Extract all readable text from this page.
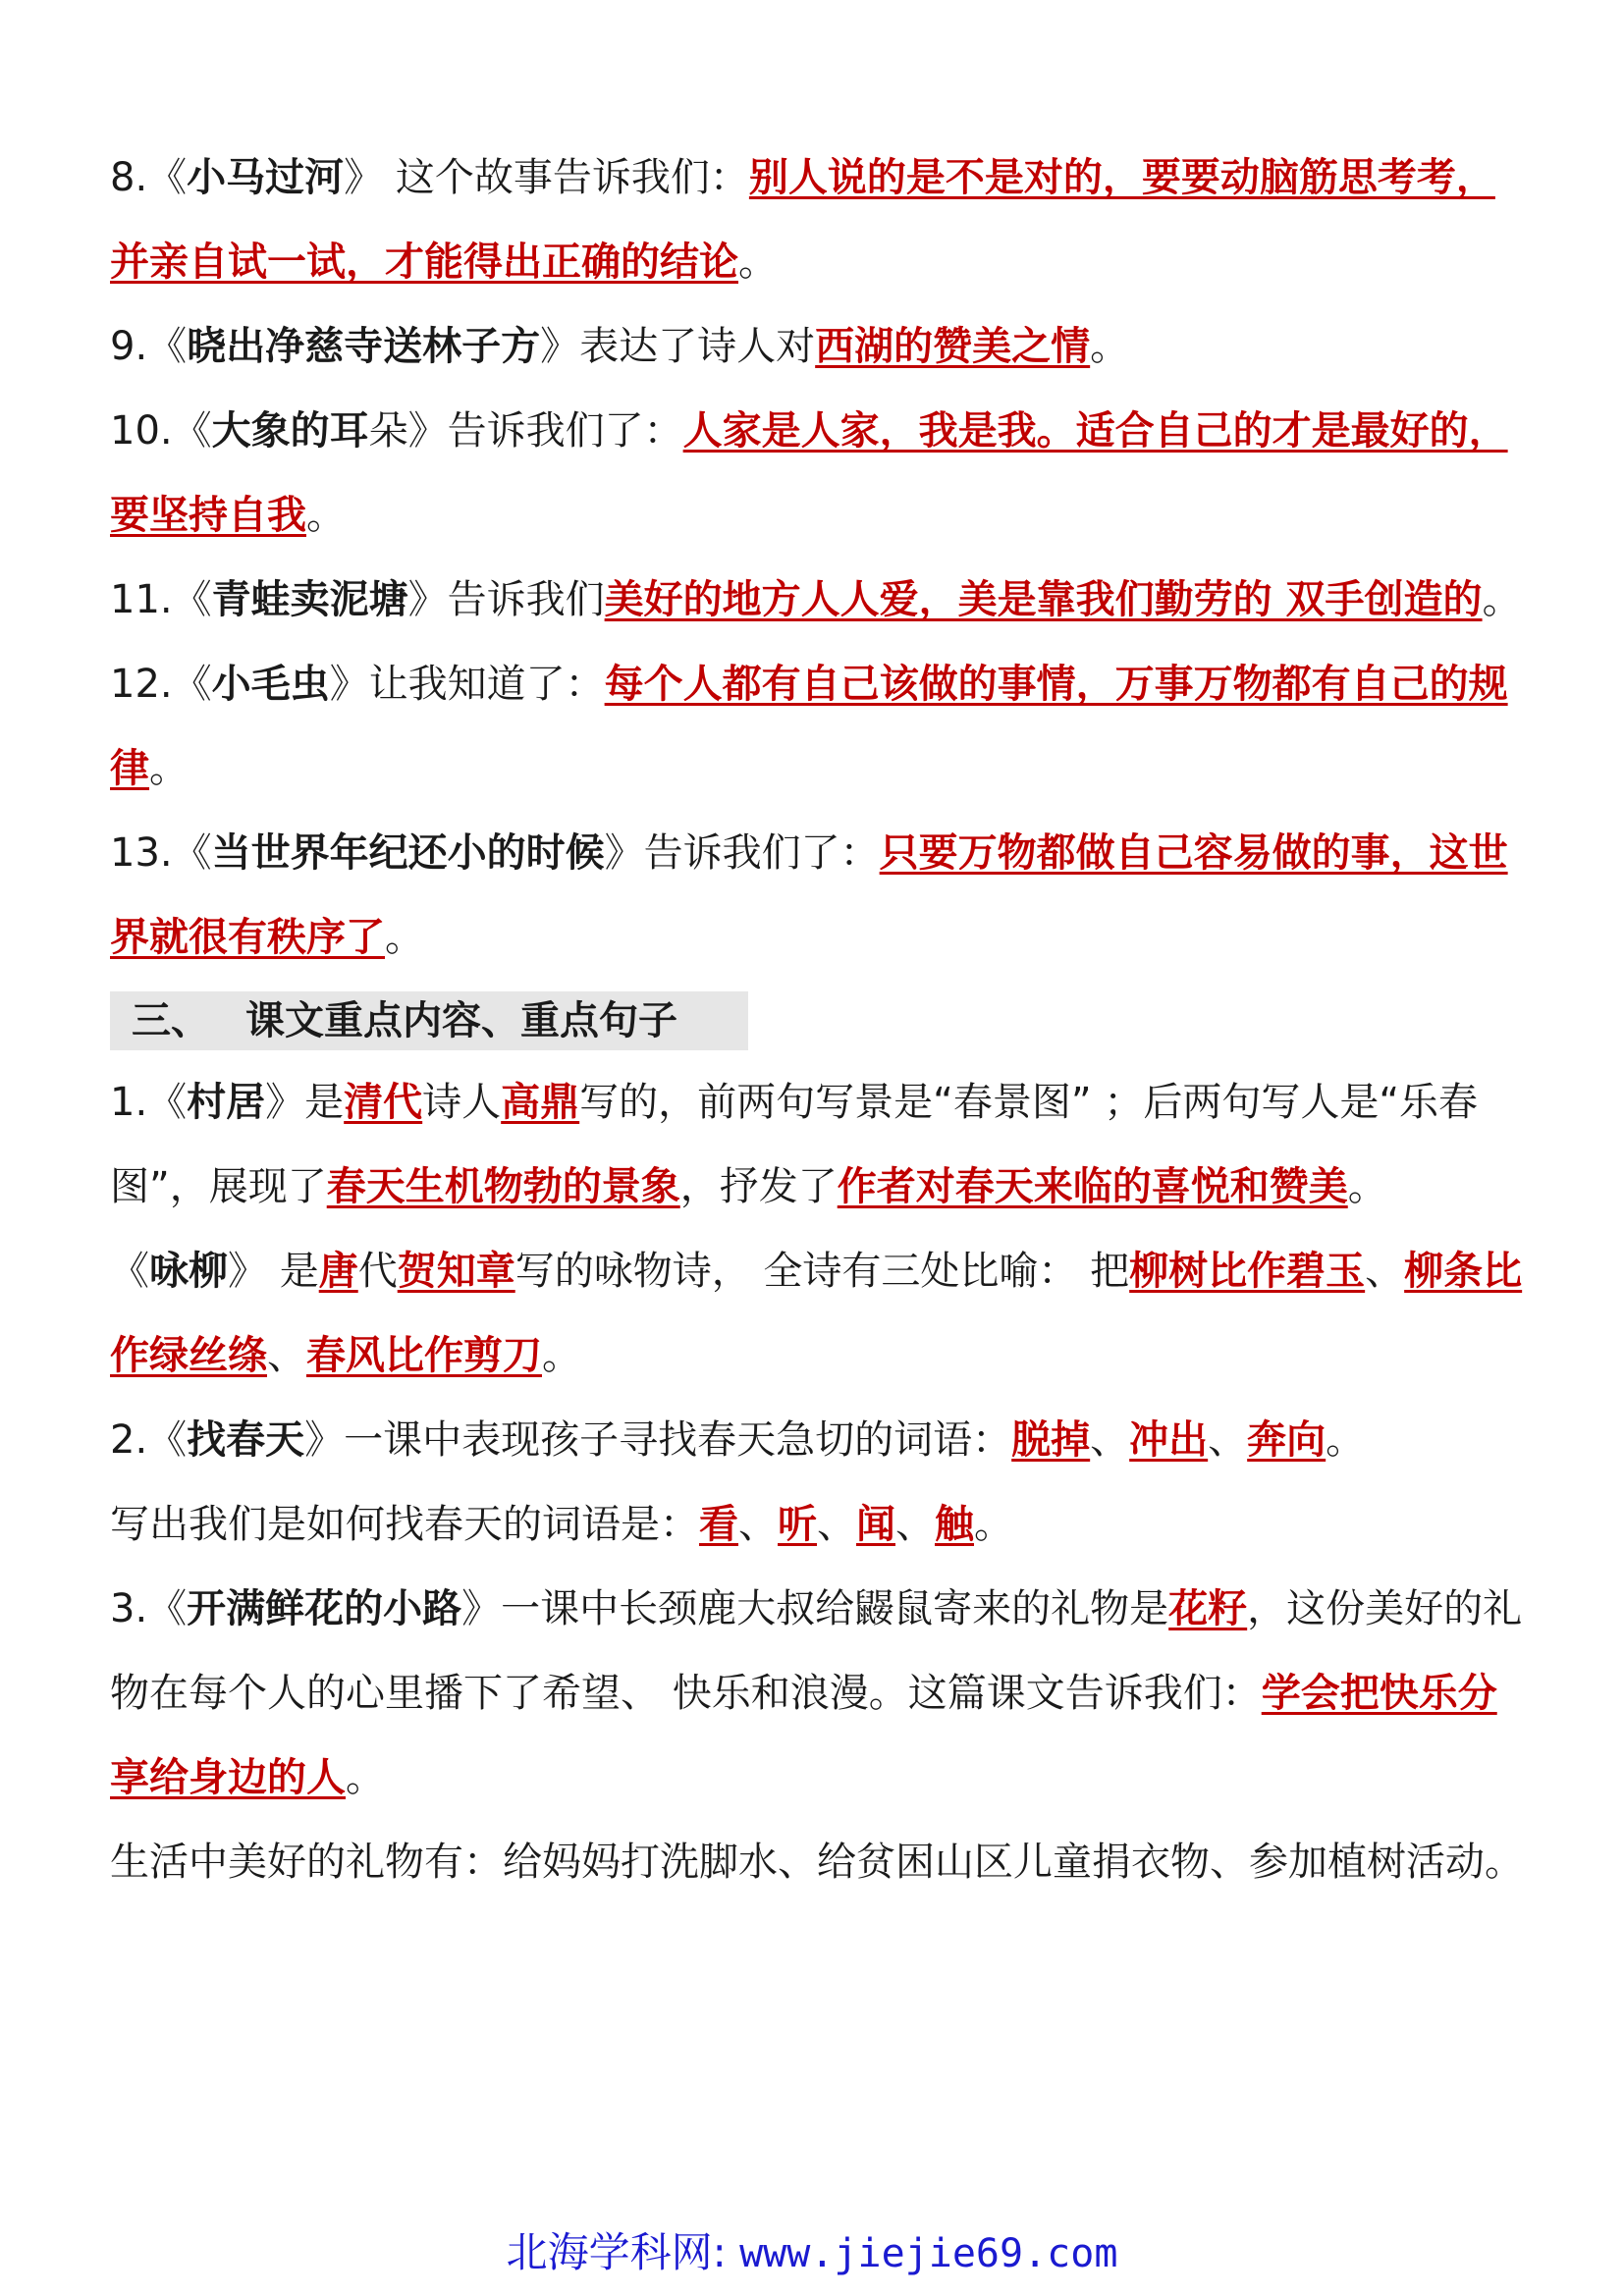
8.《小马过河》 这个故事告诉我们：别人说的是不是对的，要要动脑筋思考考，并亲自试一试，才能得出正确的结论。

9.《晓出净慈寺送林子方》表达了诗人对西湖的赞美之情。

10.《大象的耳朵》告诉我们了：人家是人家，我是我。适合自己的才是最好的，要坚持自我。

11.《青蛙卖泥塘》告诉我们美好的地方人人爱，美是靠我们勤劳的 双手创造的。

12.《小毛虫》让我知道了：每个人都有自己该做的事情，万事万物都有自己的规律。

13.《当世界年纪还小的时候》告诉我们了：只要万物都做自己容易做的事，这世界就很有秩序了。

三、 课文重点内容、重点句子

1.《村居》是清代诗人高鼎写的，前两句写景是“春景图” ；后两句写人是“乐春图”，展现了春天生机物勃的景象，抒发了作者对春天来临的喜悦和赞美。

《咏柳》 是唐代贺知章写的咏物诗， 全诗有三处比喻： 把柳树比作碧玉、柳条比作绿丝绦、春风比作剪刀。

2.《找春天》一课中表现孩子寻找春天急切的词语：脱掉、冲出、奔向。

写出我们是如何找春天的词语是：看、听、闻、触。

3.《开满鲜花的小路》一课中长颈鹿大叔给鼹鼠寄来的礼物是花籽，这份美好的礼物在每个人的心里播下了希望、 快乐和浪漫。这篇课文告诉我们：学会把快乐分享给身边的人。

生活中美好的礼物有：给妈妈打洗脚水、给贫困山区儿童捐衣物、参加植树活动。

北海学科网: www.jiejie69.com
